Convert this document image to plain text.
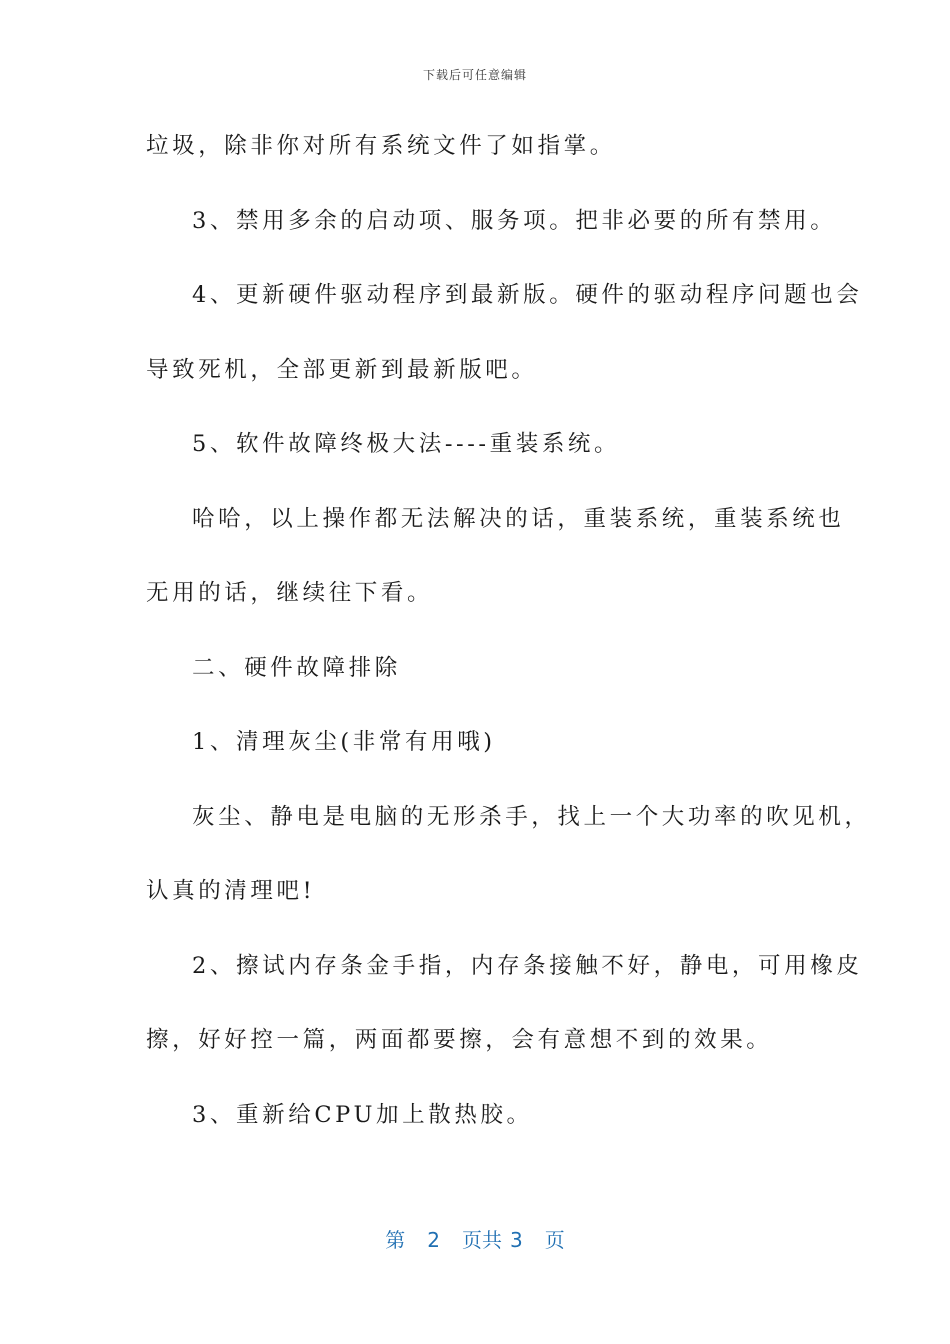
下载后可任意编辑
垃圾，除非你对所有系统文件了如指掌。
3、禁用多余的启动项、服务项。把非必要的所有禁用。
4、更新硬件驱动程序到最新版。硬件的驱动程序问题也会
导致死机，全部更新到最新版吧。
5、软件故障终极大法----重装系统。
哈哈，以上操作都无法解决的话，重装系统，重装系统也
无用的话，继续往下看。
二、硬件故障排除
1、清理灰尘(非常有用哦)
灰尘、静电是电脑的无形杀手，找上一个大功率的吹见机，
认真的清理吧!
2、擦试内存条金手指，内存条接触不好，静电，可用橡皮
擦，好好控一篇，两面都要擦，会有意想不到的效果。
3、重新给CPU加上散热胶。
第 2 页共 3 页
